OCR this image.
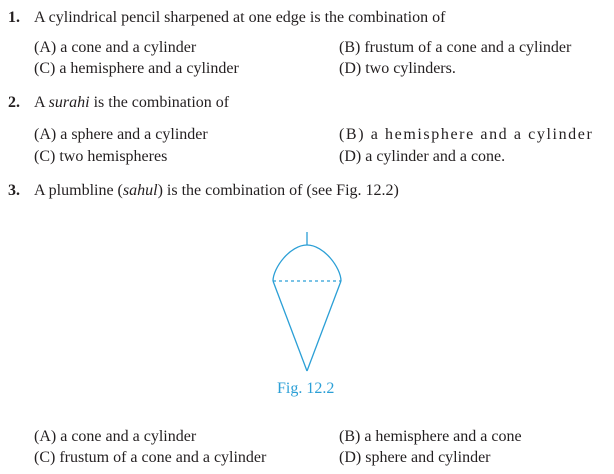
1. A cylindrical pencil sharpened at one edge is the combination of
(A) a cone and a cylinder	(B) frustum of a cone and a cylinder
(C) a hemisphere and a cylinder	(D) two cylinders.
2. A surahi is the combination of
(A) a sphere and a cylinder	(B) a hemisphere and a cylinder
(C) two hemispheres	(D) a cylinder and a cone.
3. A plumbline (sahul) is the combination of (see Fig. 12.2)
Fig. 12.2
(A) a cone and a cylinder	(B) a hemisphere and a cone
(C) frustum of a cone and a cylinder	(D) sphere and cylinder
